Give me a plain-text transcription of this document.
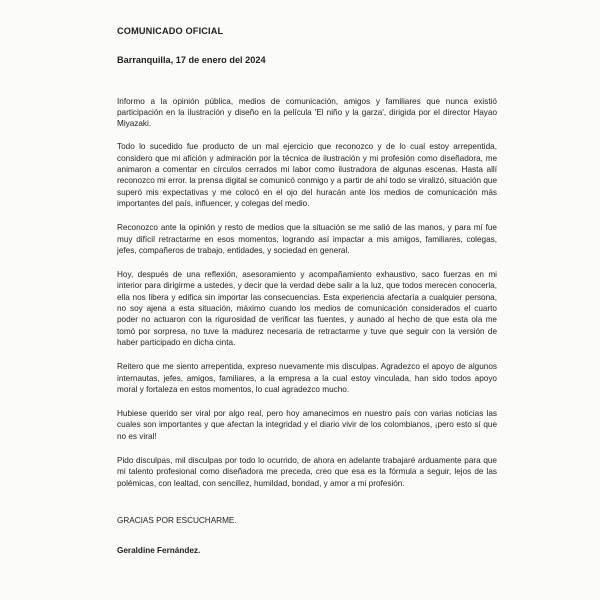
COMUNICADO OFICIAL

Barranquilla, 17 de enero del 2024

Informo a la opinión pública, medios de comunicación, amigos y familiares que nunca existió participación en la ilustración y diseño en la película 'El niño y la garza', dirigida por el director Hayao Miyazaki.

Todo lo sucedido fue producto de un mal ejercicio que reconozco y de lo cual estoy arrepentida, considero que mi afición y admiración por la técnica de ilustración y mi profesión como diseñadora, me animaron a comentar en círculos cerrados mi labor como ilustradora de algunas escenas. Hasta allí reconozco mi error. la prensa digital se comunicó conmigo y a partir de ahí todo se viralizó, situación que superó mis expectativas y me colocó en el ojo del huracán ante los medios de comunicación más importantes del país, influencer, y colegas del medio.

Reconozco ante la opinión y resto de medios que la situación se me salió de las manos, y para mí fue muy difícil retractarme en esos momentos, logrando así impactar a mis amigos, familiares, colegas, jefes, compañeros de trabajo, entidades, y sociedad en general.

Hoy, después de una reflexión, asesoramiento y acompañamiento exhaustivo, saco fuerzas en mi interior para dirigirme a ustedes, y decir que la verdad debe salir a la luz, que todos merecen conocerla, ella nos libera y edifica sin importar las consecuencias. Esta experiencia afectaría a cualquier persona, no soy ajena a esta situación, máximo cuando los medios de comunicación considerados el cuarto poder no actuaron con la rigurosidad de verificar las fuentes, y aunado al hecho de que esta ola me tomó por sorpresa, no tuve la madurez necesaria de retractarme y tuve que seguir con la versión de haber participado en dicha cinta.

Reitero que me siento arrepentida, expreso nuevamente mis disculpas. Agradezco el apoyo de algunos internautas, jefes, amigos, familiares, a la empresa a la cual estoy vinculada, han sido todos apoyo moral y fortaleza en estos momentos, lo cual agradezco mucho.

Hubiese querido ser viral por algo real, pero hoy amanecimos en nuestro país con varias noticias las cuales son importantes y que afectan la integridad y el diario vivir de los colombianos, ¡pero esto sí que no es viral!

Pido disculpas, mil disculpas por todo lo ocurrido, de ahora en adelante trabajaré arduamente para que mi talento profesional como diseñadora me preceda, creo que esa es la fórmula a seguir, lejos de las polémicas, con lealtad, con sencillez, humildad, bondad, y amor a mi profesión.

GRACIAS POR ESCUCHARME.

Geraldine Fernández.
